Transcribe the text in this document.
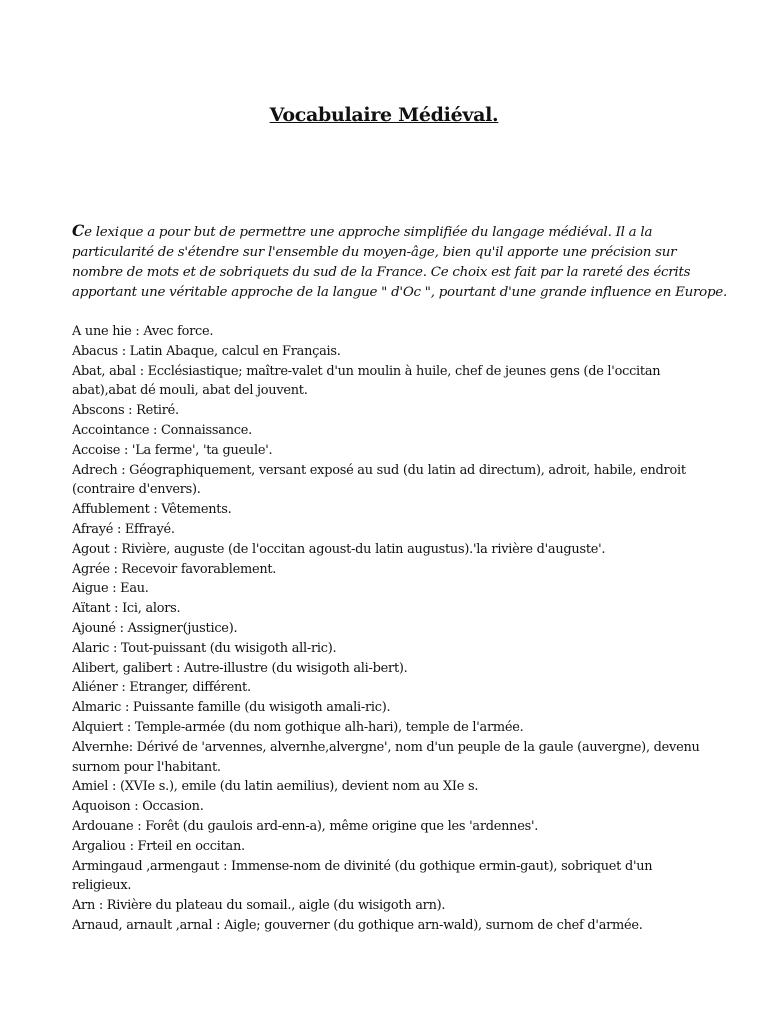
Vocabulaire Médiéval.
Ce lexique a pour but de permettre une approche simplifiée du langage médiéval. Il a la
particularité de s'étendre sur l'ensemble du moyen-âge, bien qu'il apporte une précision sur
nombre de mots et de sobriquets du sud de la France. Ce choix est fait par la rareté des écrits
apportant une véritable approche de la langue " d'Oc ", pourtant d'une grande influence en Europe.
A une hie : Avec force.
Abacus : Latin Abaque, calcul en Français.
Abat, abal : Ecclésiastique; maître-valet d'un moulin à huile, chef de jeunes gens (de l'occitan
abat),abat dé mouli, abat del jouvent.
Abscons : Retiré.
Accointance : Connaissance.
Accoise : 'La ferme', 'ta gueule'.
Adrech : Géographiquement, versant exposé au sud (du latin ad directum), adroit, habile, endroit
(contraire d'envers).
Affublement : Vêtements.
Afrayé : Effrayé.
Agout : Rivière, auguste (de l'occitan agoust-du latin augustus).'la rivière d'auguste'.
Agrée : Recevoir favorablement.
Aigue : Eau.
Aïtant : Ici, alors.
Ajouné : Assigner(justice).
Alaric : Tout-puissant (du wisigoth all-ric).
Alibert, galibert : Autre-illustre (du wisigoth ali-bert).
Aliéner : Etranger, différent.
Almaric : Puissante famille (du wisigoth amali-ric).
Alquiert : Temple-armée (du nom gothique alh-hari), temple de l'armée.
Alvernhe: Dérivé de 'arvennes, alvernhe,alvergne', nom d'un peuple de la gaule (auvergne), devenu
surnom pour l'habitant.
Amiel : (XVIe s.), emile (du latin aemilius), devient nom au XIe s.
Aquoison : Occasion.
Ardouane : Forêt (du gaulois ard-enn-a), même origine que les 'ardennes'.
Argaliou : Frteil en occitan.
Armingaud ,armengaut : Immense-nom de divinité (du gothique ermin-gaut), sobriquet d'un
religieux.
Arn : Rivière du plateau du somail., aigle (du wisigoth arn).
Arnaud, arnault ,arnal : Aigle; gouverner (du gothique arn-wald), surnom de chef d'armée.
